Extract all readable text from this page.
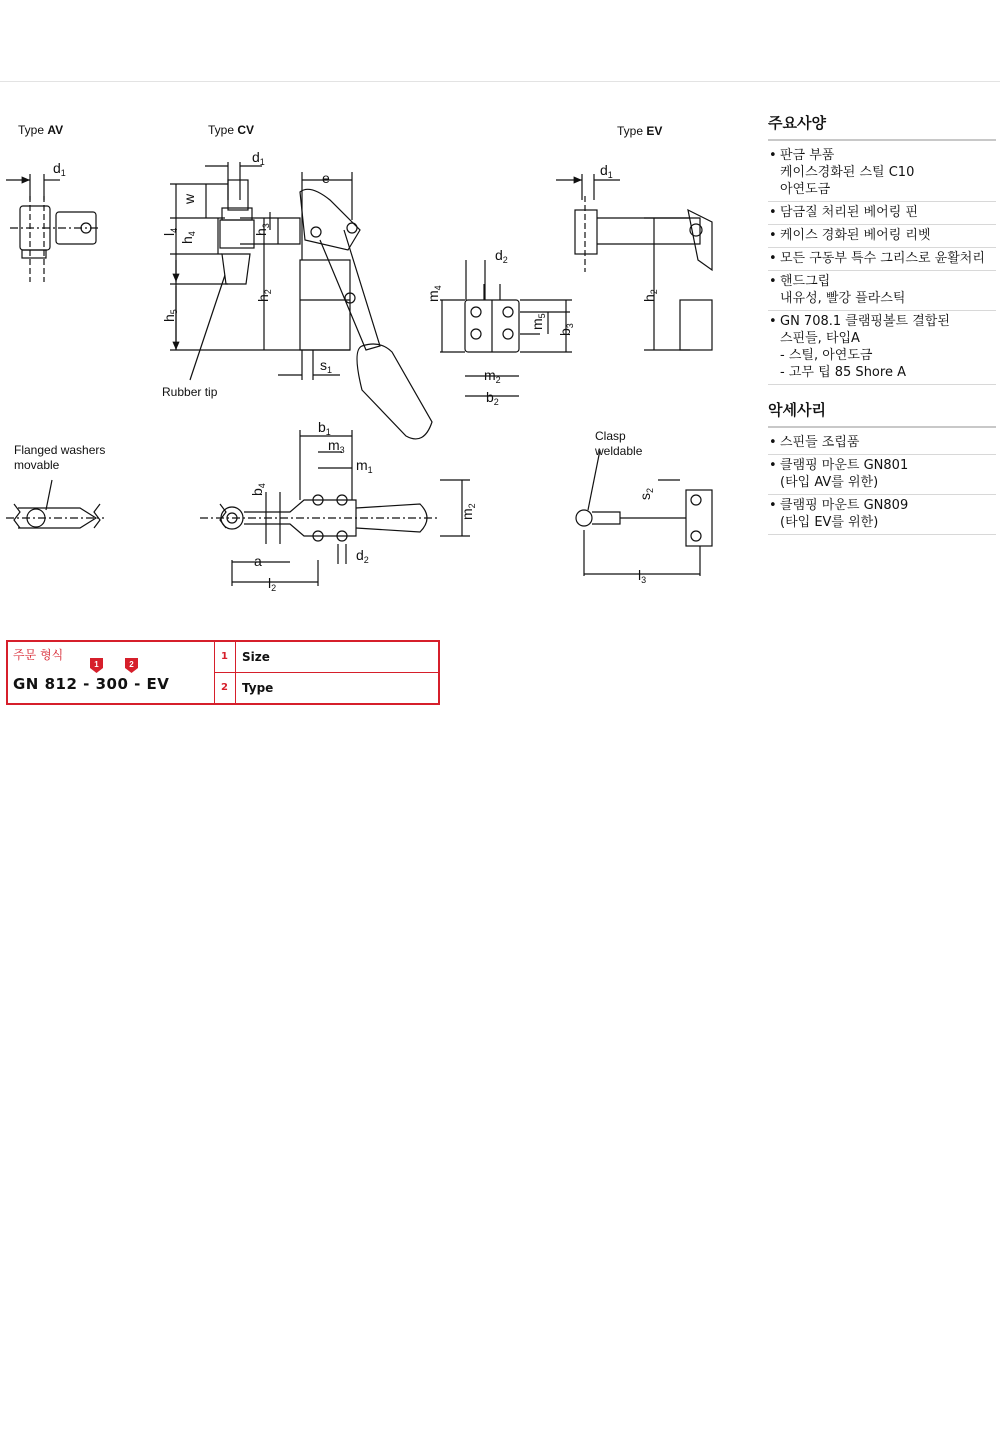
Type AV	Type CV	Type EV
$d_1$
$d_1$
e
w
$l_4$
$h_4$	$h_3$
$h_2$
$h_5$
$s_1$
$d_2$
$m_4$
$m_5$
$b_3$
$m_2$
$b_2$
$d_1$
$h_2$
$b_1$
$m_3$
$m_1$
$b_4$
$m_2$
$d_2$
a
$l_2$
$s_2$
$l_3$
Rubber tip
Flanged washers
movable
Clasp
weldable
주요사양
• 판금 부품
케이스경화된 스틸 C10
아연도금
• 담금질 처리된 베어링 핀
• 케이스 경화된 베어링 리벳
• 모든 구동부 특수 그리스로 윤활처리
• 핸드그립
내유성, 빨강 플라스틱
• GN 708.1 클램핑볼트 결합된
스핀들, 타입A
- 스틸, 아연도금
- 고무 팁 85 Shore A
악세사리
• 스핀들 조립품
• 클램핑 마운트 GN801
(타입 AV를 위한)
• 클램핑 마운트 GN809
(타입 EV를 위한)
주문 형식
1	2
GN 812 - 300 - EV
1 Size
2 Type
